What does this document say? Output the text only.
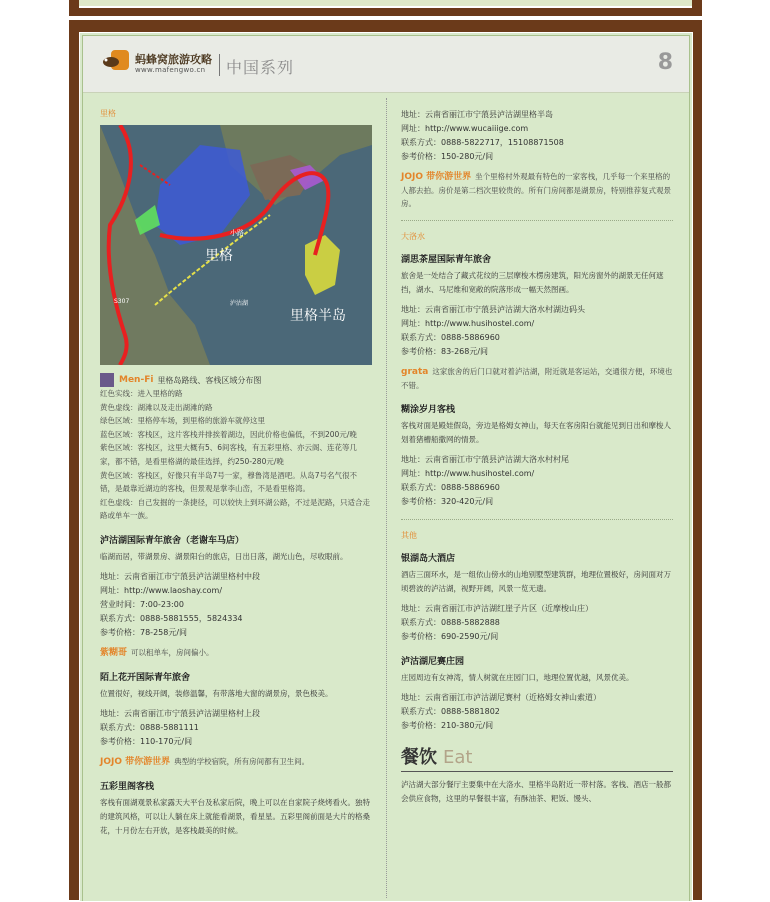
蚂蜂窝旅游攻略
www.mafengwo.cn 中国系列	8
里格
里格
里格半岛
小路
S307	泸沽湖
Men-Fi 里格岛路线、客栈区域分布图
红色实线：进入里格的路
黄色虚线：湖滩以及走出湖滩的路
绿色区域：里格停车场，到里格的旅游车就停这里
蓝色区域：客栈区，这片客栈并排挨着湖边，因此价格也偏低，不到200元/晚
紫色区域：客栈区，这里大概有5、6间客栈，有五彩里格、亦云阁、连花等几家，都不错，是看里格湖的最佳选择，约250-280元/晚
黄色区域：客栈区，好像只有半岛7号一家，穆鲁湾是酒吧。从岛7号名气很不错，是最靠近湖边的客栈，但景观是掌李山峦，不是看里格湾。
红色虚线：自己发掘的一条捷径，可以较快上到环湖公路，不过是泥路，只适合走路或单车一族。
泸沽湖国际青年旅舍（老谢车马店）

临湖而居，带湖景房、湖景阳台的旅店，日出日落，湖光山色，尽收眼前。

地址：云南省丽江市宁蒗县泸沽湖里格村中段
网址：http://www.laoshay.com/
营业时间：7:00-23:00
联系方式：0888-5881555，5824334
参考价格：78-258元/间
紫糊哥 可以租单车，房间偏小。
陌上花开国际青年旅舍

位置很好，视线开阔，装修温馨，有带落地大窗的湖景房，景色极美。

地址：云南省丽江市宁蒗县泸沽湖里格村上段
联系方式：0888-5881111
参考价格：110-170元/间
JOJO 带你游世界 典型的学校宿院，所有房间都有卫生间。
五彩里阁客栈

客栈有面湖观景私家露天大平台及私家后院，晚上可以在自家院子烧烤看火。独特的建筑风格，可以让人躺在床上就能看湖景，看星星。五彩里阁前面是大片的格桑花，十月份左右开放，是客栈最美的时候。

地址：云南省丽江市宁蒗县泸沽湖里格半岛
网址：http://www.wucaiiige.com
联系方式：0888-5822717，15108871508
参考价格：150-280元/间
JOJO 带你游世界 坐个里格村外观最有特色的一家客栈，几乎每一个来里格的人都去拍。房价是第二档次里较贵的。所有门房间都是湖景房，特别推荐复式观景房。
大洛水
湖思茶屋国际青年旅舍

旅舍是一处结合了藏式花纹的三层摩梭木楞房建筑，阳光房窗外的湖景无任何遮挡，湖水、马尼维和宽敞的院落形成一幅天然图画。

地址：云南省丽江市宁蒗县泸沽湖大洛水村湖边码头
网址：http://www.husihostel.com/
联系方式：0888-5886960
参考价格：83-268元/间
grata 这家旅舍的后门口就对着泸沽湖，附近就是客运站，交通很方便，环境也不错。
糊涂岁月客栈

客栈对面是殿娃假岛，旁边是格姆女神山，每天在客房阳台就能见到日出和摩梭人划着猪槽船撒网的情景。

地址：云南省丽江市宁蒗县泸沽湖大洛水村村尾
网址：http://www.husihostel.com/
联系方式：0888-5886960
参考价格：320-420元/间
其他
银湖岛大酒店

酒店三面环水，是一组依山傍水的山地别墅型建筑群，地理位置极好，房间面对万顷碧波的泸沽湖，视野开阔，风景一览无遗。

地址：云南省丽江市泸沽湖红崖子片区（近摩梭山庄）
联系方式：0888-5882888
参考价格：690-2590元/间
泸沽湖尼赛庄园

庄园周边有女神湾，情人树就在庄园门口，地理位置优越，风景优美。

地址：云南省丽江市泸沽湖尼赛村（近格姆女神山索道）
联系方式：0888-5881802
参考价格：210-380元/间
餐饮 Eat

泸沽湖大部分餐厅主要集中在大洛水、里格半岛附近一带村落。客栈、酒店一般都会供应食物，这里的早餐很丰富，有酥油茶、粑饭、馒头、
